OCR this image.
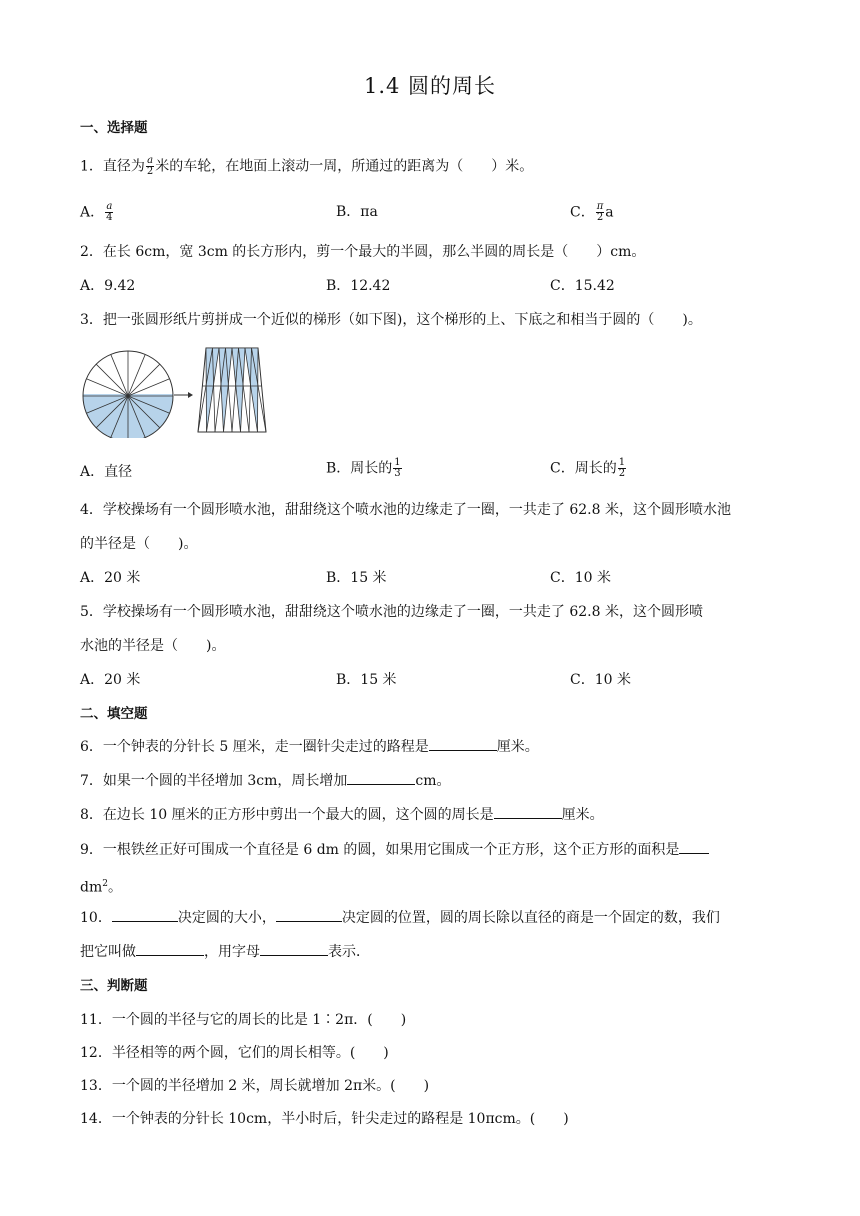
1.4 圆的周长
一、选择题
1．直径为 $\frac{a}{2}$ 米的车轮，在地面上滚动一周，所通过的距离为（　　）米。
A． $\frac{a}{4}$	B．πa	C． $\frac{\pi}{2}$ a
2．在长 6cm，宽 3cm 的长方形内，剪一个最大的半圆，那么半圆的周长是（　　）cm。
A．9.42	B．12.42	C．15.42
3．把一张圆形纸片剪拼成一个近似的梯形（如下图)，这个梯形的上、下底之和相当于圆的（　　)。
A．直径	B．周长的 $\frac{1}{3}$	C．周长的 $\frac{1}{2}$
4．学校操场有一个圆形喷水池，甜甜绕这个喷水池的边缘走了一圈，一共走了 62.8 米，这个圆形喷水池
的半径是（　　)。
A．20 米	B．15 米	C．10 米
5．学校操场有一个圆形喷水池，甜甜绕这个喷水池的边缘走了一圈，一共走了 62.8 米，这个圆形喷
水池的半径是（　　)。
A．20 米	B．15 米	C．10 米
二、填空题
6．一个钟表的分针长 5 厘米，走一圈针尖走过的路程是	厘米。
7．如果一个圆的半径增加 3cm，周长增加	cm。
8．在边长 10 厘米的正方形中剪出一个最大的圆，这个圆的周长是	厘米。
9．一根铁丝正好可围成一个直径是 6 dm 的圆，如果用它围成一个正方形，这个正方形的面积是
$dm^2$。
10．	决定圆的大小，	决定圆的位置，圆的周长除以直径的商是一个固定的数，我们
把它叫做	，用字母	表示．
三、判断题
11．一个圆的半径与它的周长的比是 1∶2π．(　　)
12．半径相等的两个圆，它们的周长相等。(　　)
13．一个圆的半径增加 2 米，周长就增加 2π米。(　　)
14．一个钟表的分针长 10cm，半小时后，针尖走过的路程是 10πcm。(　　)
